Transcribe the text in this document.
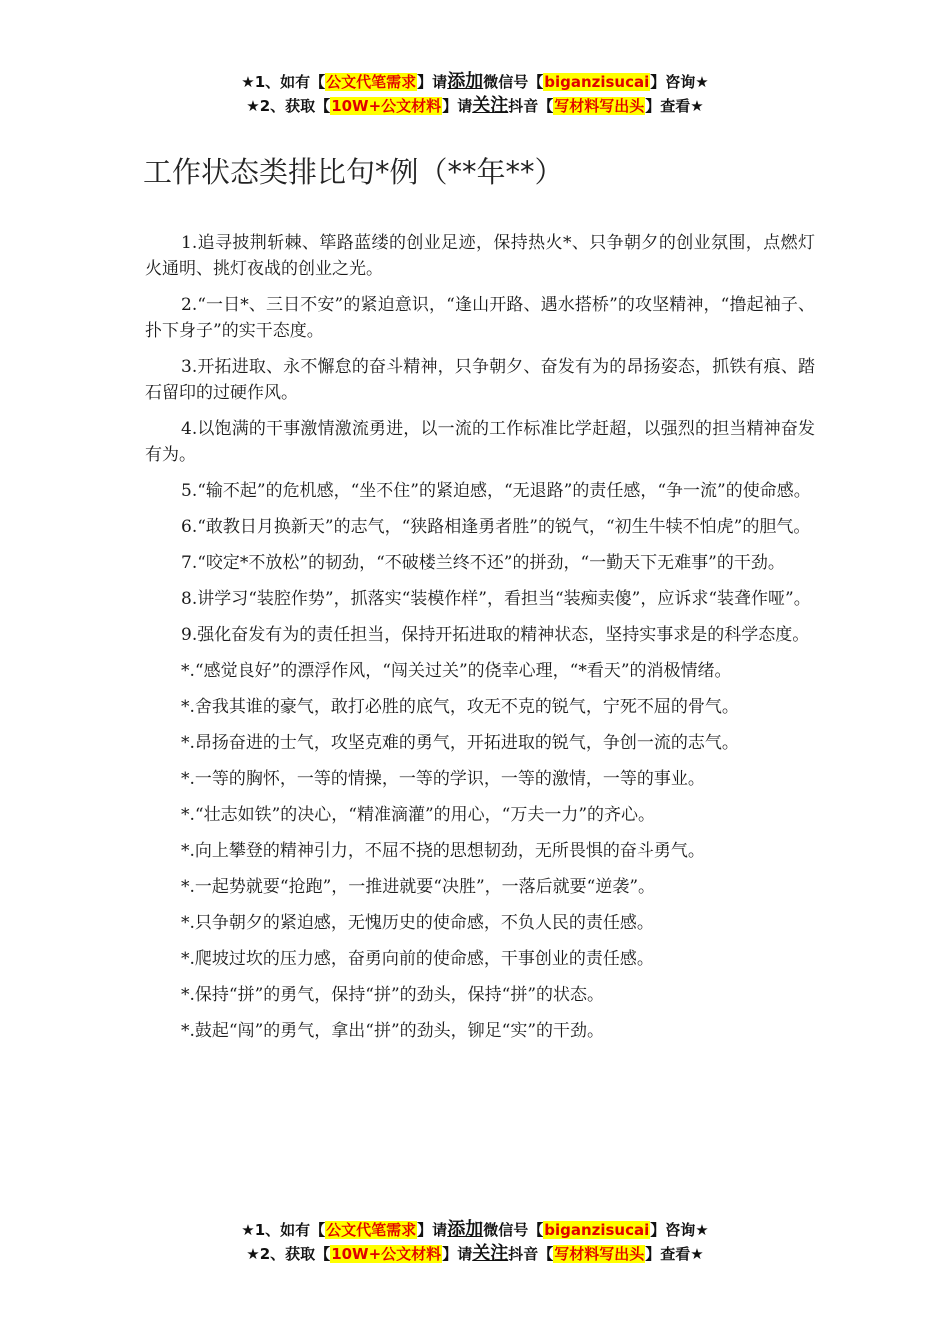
★1、如有【公文代笔需求】请添加微信号【biganzisucai】咨询★
★2、获取【10W+公文材料】请关注抖音【写材料写出头】查看★
工作状态类排比句*例（**年**）

1.追寻披荆斩棘、筚路蓝缕的创业足迹，保持热火*、只争朝夕的创业氛围，点燃灯火通明、挑灯夜战的创业之光。

2.“一日*、三日不安”的紧迫意识，“逢山开路、遇水搭桥”的攻坚精神，“撸起袖子、扑下身子”的实干态度。

3.开拓进取、永不懈怠的奋斗精神，只争朝夕、奋发有为的昂扬姿态，抓铁有痕、踏石留印的过硬作风。

4.以饱满的干事激情激流勇进，以一流的工作标准比学赶超，以强烈的担当精神奋发有为。

5.“输不起”的危机感，“坐不住”的紧迫感，“无退路”的责任感，“争一流”的使命感。

6.“敢教日月换新天”的志气，“狭路相逢勇者胜”的锐气，“初生牛犊不怕虎”的胆气。

7.“咬定*不放松”的韧劲，“不破楼兰终不还”的拼劲，“一勤天下无难事”的干劲。

8.讲学习“装腔作势”，抓落实“装模作样”，看担当“装痴卖傻”，应诉求“装聋作哑”。

9.强化奋发有为的责任担当，保持开拓进取的精神状态，坚持实事求是的科学态度。

*.“感觉良好”的漂浮作风，“闯关过关”的侥幸心理，“*看天”的消极情绪。

*.舍我其谁的豪气，敢打必胜的底气，攻无不克的锐气，宁死不屈的骨气。

*.昂扬奋进的士气，攻坚克难的勇气，开拓进取的锐气，争创一流的志气。

*.一等的胸怀，一等的情操，一等的学识，一等的激情，一等的事业。

*.“壮志如铁”的决心，“精准滴灌”的用心，“万夫一力”的齐心。

*.向上攀登的精神引力，不屈不挠的思想韧劲，无所畏惧的奋斗勇气。

*.一起势就要“抢跑”，一推进就要“决胜”，一落后就要“逆袭”。

*.只争朝夕的紧迫感，无愧历史的使命感，不负人民的责任感。

*.爬坡过坎的压力感，奋勇向前的使命感，干事创业的责任感。

*.保持“拼”的勇气，保持“拼”的劲头，保持“拼”的状态。

*.鼓起“闯”的勇气，拿出“拼”的劲头，铆足“实”的干劲。

★1、如有【公文代笔需求】请添加微信号【biganzisucai】咨询★
★2、获取【10W+公文材料】请关注抖音【写材料写出头】查看★
